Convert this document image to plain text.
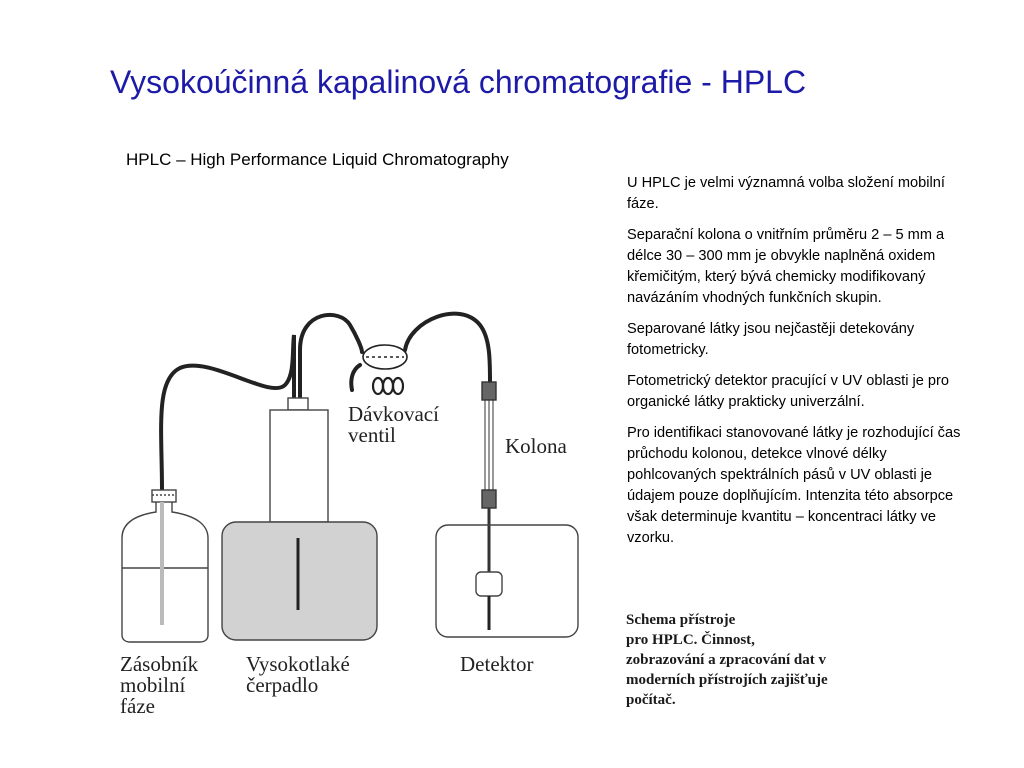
Vysokoúčinná kapalinová chromatografie - HPLC
HPLC – High Performance Liquid Chromatography

U HPLC je velmi významná volba složení mobilní fáze.

Separační kolona o vnitřním průměru 2 – 5 mm a délce 30 – 300 mm je obvykle naplněná oxidem křemičitým, který bývá chemicky modifikovaný navázáním vhodných funkčních skupin.

Separované látky jsou nejčastěji detekovány fotometricky.

Fotometrický detektor pracující v UV oblasti je pro organické látky prakticky univerzální.

Pro identifikaci stanovované látky je rozhodující čas průchodu kolonou, detekce vlnové délky pohlcovaných spektrálních pásů v UV oblasti je údajem pouze doplňujícím. Intenzita této absorpce však determinuje kvantitu – koncentraci látky ve vzorku.

Dávkovací
ventil	Kolona
Zásobník
mobilní
fáze
Vysokotlaké
čerpadlo
Detektor
Schema přístroje
pro HPLC. Činnost,
zobrazování a zpracování dat v
moderních přístrojích zajišťuje
počítač.
